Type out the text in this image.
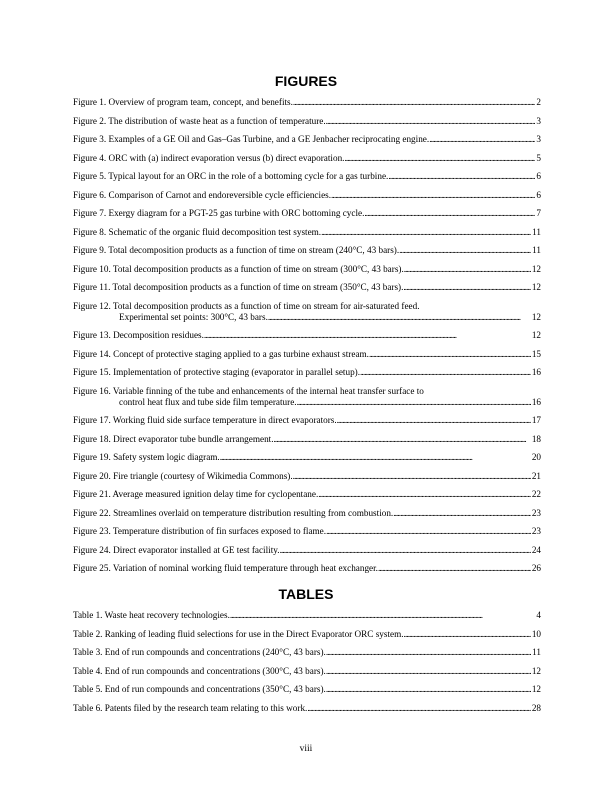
FIGURES
Figure 1. Overview of program team, concept, and benefits. . . .	2
Figure 2. The distribution of waste heat as a function of temperature. . . .	3
Figure 3. Examples of a GE Oil and Gas–Gas Turbine, and a GE Jenbacher reciprocating engine. . . .	3
Figure 4. ORC with (a) indirect evaporation versus (b) direct evaporation. . . .	5
Figure 5. Typical layout for an ORC in the role of a bottoming cycle for a gas turbine. . . .	6
Figure 6. Comparison of Carnot and endoreversible cycle efficiencies. . . .	6
Figure 7. Exergy diagram for a PGT-25 gas turbine with ORC bottoming cycle. . . .	7
Figure 8. Schematic of the organic fluid decomposition test system. . . .	11
Figure 9. Total decomposition products as a function of time on stream (240°C, 43 bars). . . .	11
Figure 10. Total decomposition products as a function of time on stream (300°C, 43 bars). . . .	12
Figure 11. Total decomposition products as a function of time on stream (350°C, 43 bars). . . .	12
Figure 12. Total decomposition products as a function of time on stream for air-saturated feed.
Experimental set points: 300°C, 43 bars. . . .	12
Figure 13. Decomposition residues. . . .	12
Figure 14. Concept of protective staging applied to a gas turbine exhaust stream. . . .	15
Figure 15. Implementation of protective staging (evaporator in parallel setup). . . .	16
Figure 16. Variable finning of the tube and enhancements of the internal heat transfer surface to
control heat flux and tube side film temperature. . . .	16
Figure 17. Working fluid side surface temperature in direct evaporators. . . .	17
Figure 18. Direct evaporator tube bundle arrangement. . . .	18
Figure 19. Safety system logic diagram. . . .	20
Figure 20. Fire triangle (courtesy of Wikimedia Commons). . . .	21
Figure 21. Average measured ignition delay time for cyclopentane. . . .	22
Figure 22. Streamlines overlaid on temperature distribution resulting from combustion. . . .	23
Figure 23. Temperature distribution of fin surfaces exposed to flame. . . .	23
Figure 24. Direct evaporator installed at GE test facility. . . .	24
Figure 25. Variation of nominal working fluid temperature through heat exchanger. . . .	26
TABLES
Table 1. Waste heat recovery technologies. . . .	4
Table 2. Ranking of leading fluid selections for use in the Direct Evaporator ORC system. . . .	10
Table 3. End of run compounds and concentrations (240°C, 43 bars). . . .	11
Table 4. End of run compounds and concentrations (300°C, 43 bars). . . .	12
Table 5. End of run compounds and concentrations (350°C, 43 bars). . . .	12
Table 6. Patents filed by the research team relating to this work. . . .	28
viii
